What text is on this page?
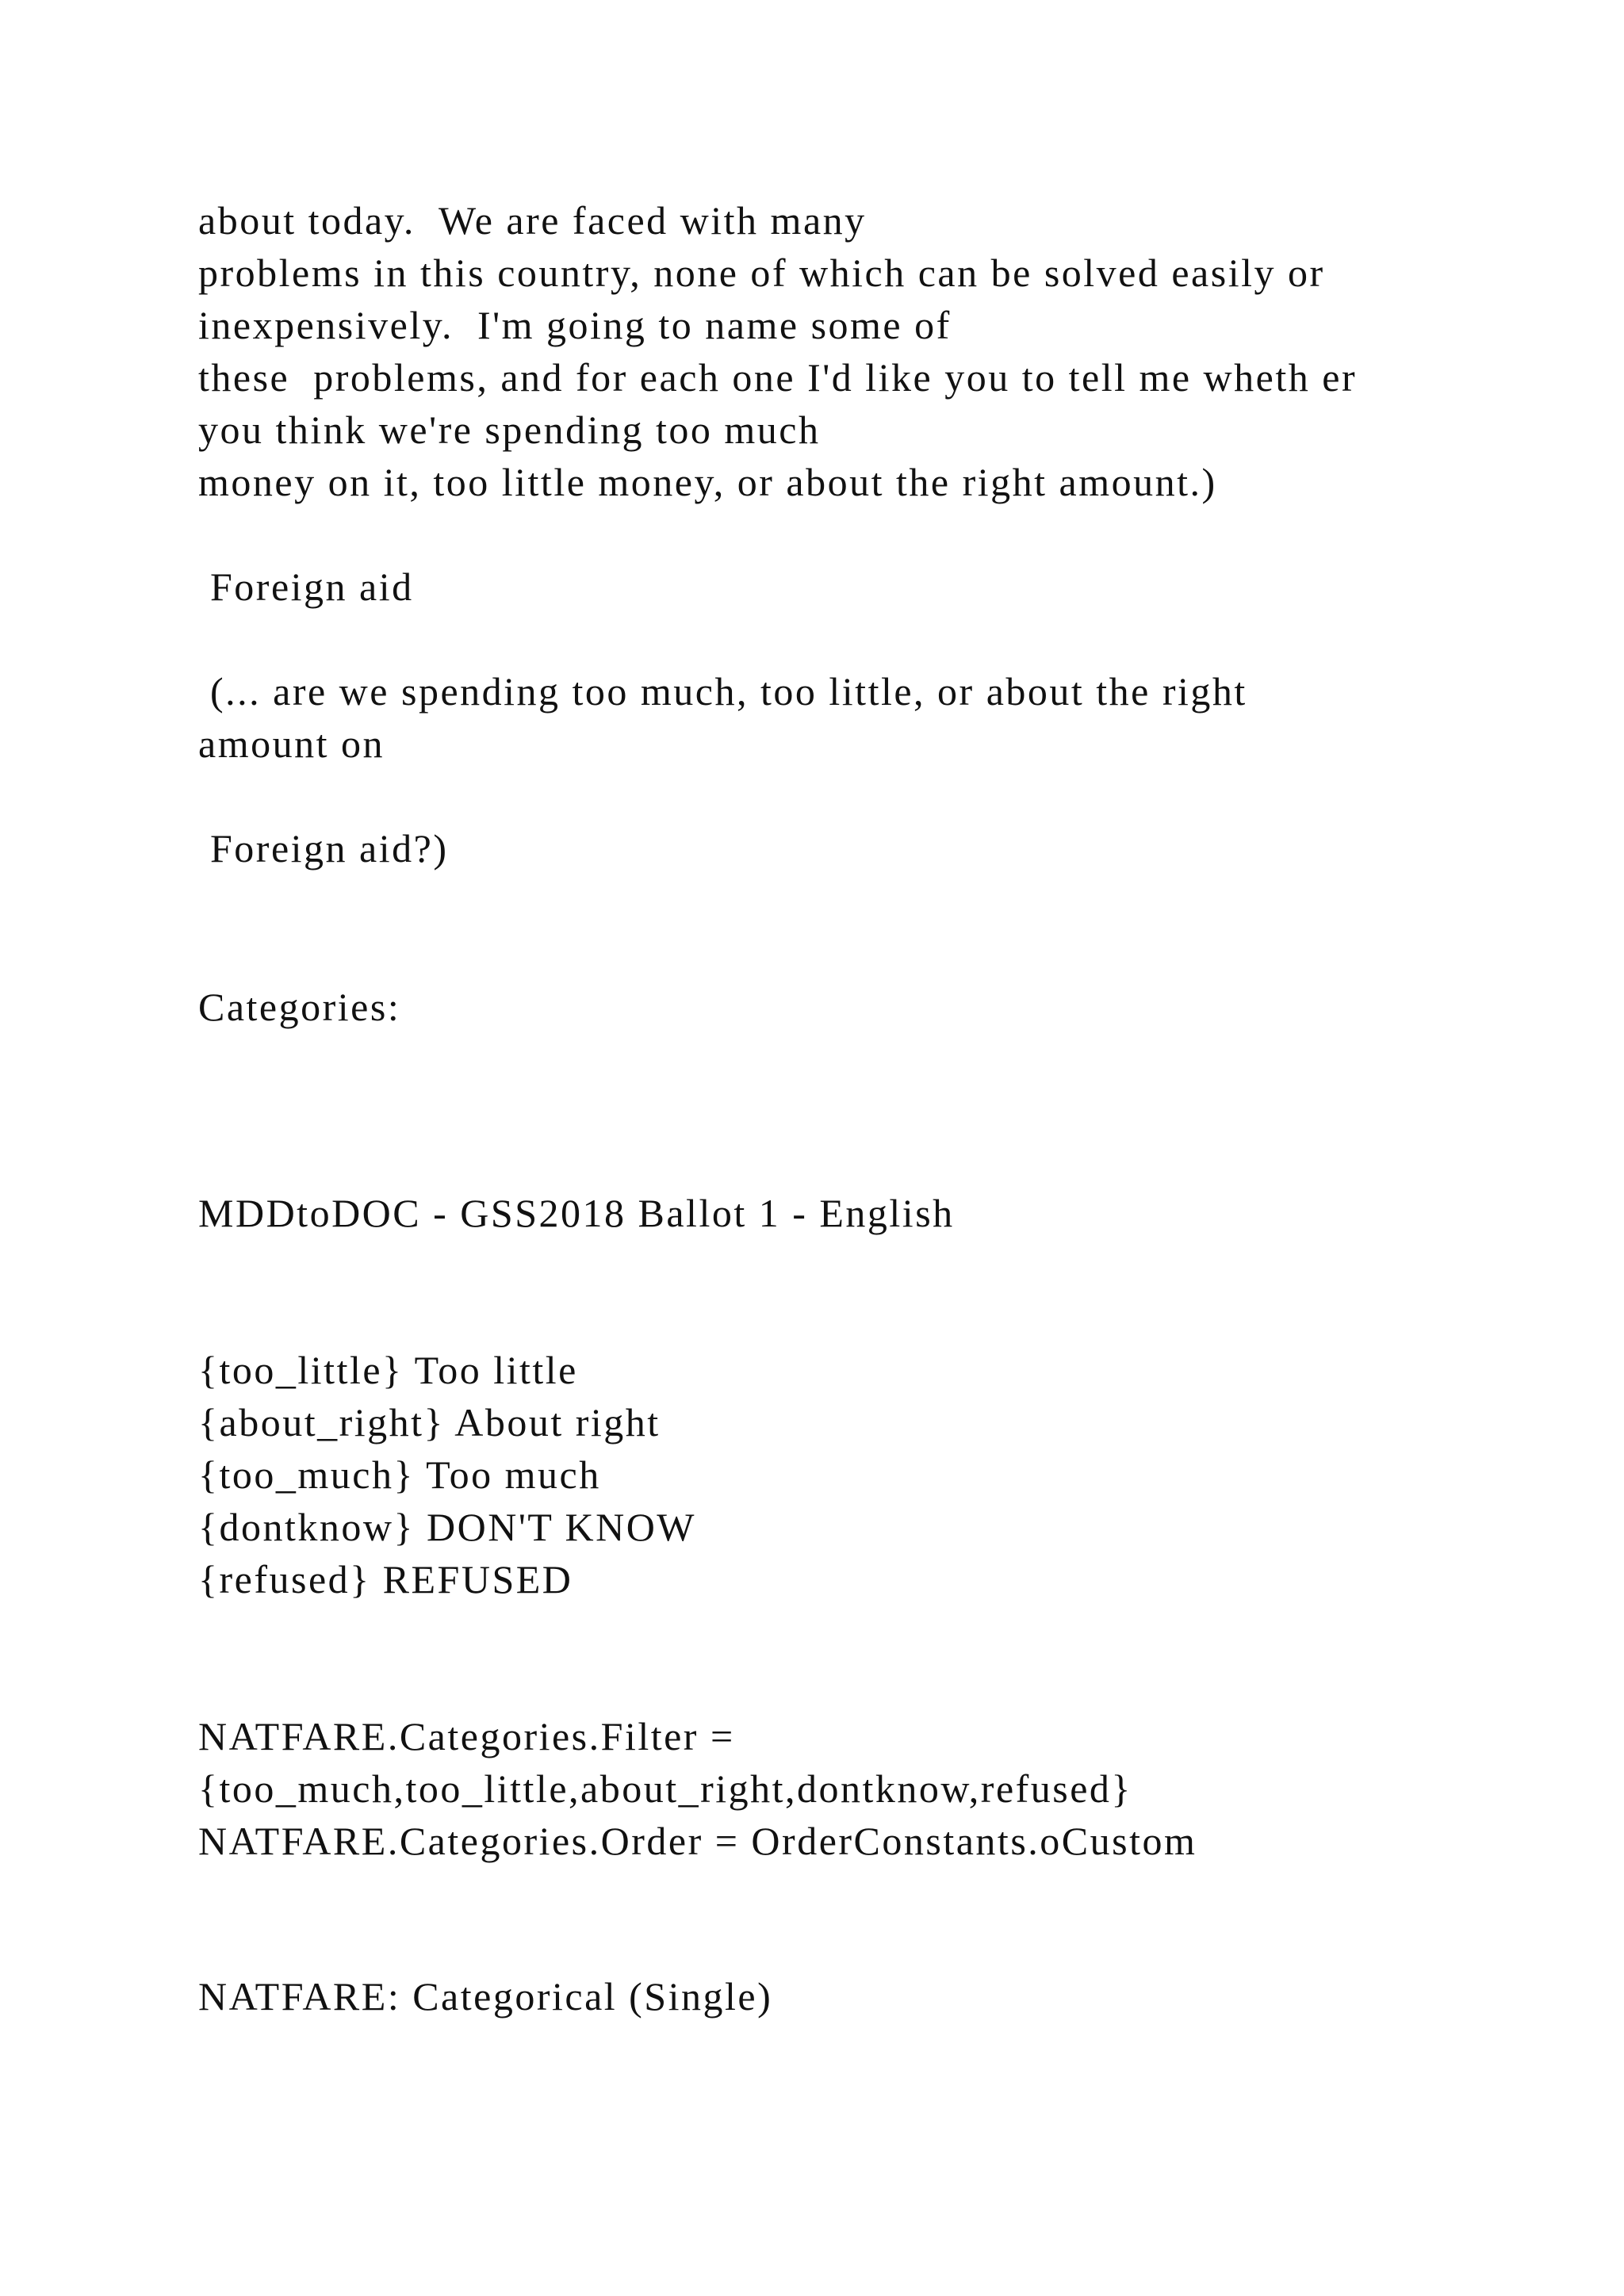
about today.  We are faced with many

problems in this country, none of which can be solved easily or

inexpensively.  I'm going to name some of

these  problems, and for each one I'd like you to tell me wheth er

you think we're spending too much

money on it, too little money, or about the right amount.)

Foreign aid

(... are we spending too much, too little, or about the right

amount on

Foreign aid?)

Categories:

MDDtoDOC - GSS2018 Ballot 1 - English

{too_little} Too little

{about_right} About right

{too_much} Too much

{dontknow} DON'T KNOW

{refused} REFUSED

NATFARE.Categories.Filter =

{too_much,too_little,about_right,dontknow,refused}

NATFARE.Categories.Order = OrderConstants.oCustom

NATFARE: Categorical (Single)
